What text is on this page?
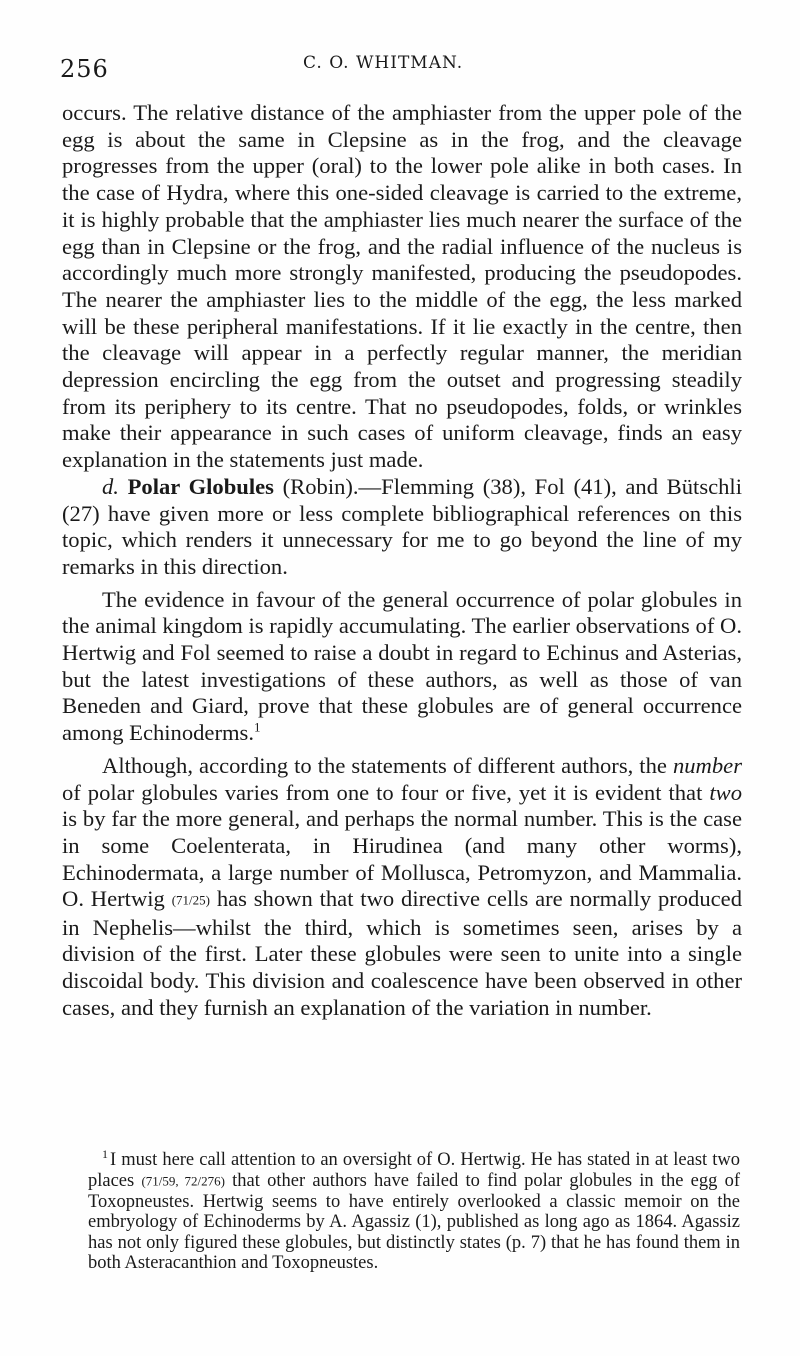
256	C. O. WHITMAN.

occurs. The relative distance of the amphiaster from the upper pole of the egg is about the same in Clepsine as in the frog, and the cleavage progresses from the upper (oral) to the lower pole alike in both cases. In the case of Hydra, where this one-sided cleavage is carried to the extreme, it is highly probable that the amphiaster lies much nearer the surface of the egg than in Clepsine or the frog, and the radial influence of the nucleus is accordingly much more strongly manifested, producing the pseudopodes. The nearer the amphiaster lies to the middle of the egg, the less marked will be these peripheral manifestations. If it lie exactly in the centre, then the cleavage will appear in a perfectly regular manner, the meridian depression encircling the egg from the outset and progressing steadily from its periphery to its centre. That no pseudopodes, folds, or wrinkles make their appearance in such cases of uniform cleavage, finds an easy explanation in the statements just made.

d. Polar Globules (Robin).—Flemming (38), Fol (41), and Bütschli (27) have given more or less complete bibliographical references on this topic, which renders it unnecessary for me to go beyond the line of my remarks in this direction.

The evidence in favour of the general occurrence of polar globules in the animal kingdom is rapidly accumulating. The earlier observations of O. Hertwig and Fol seemed to raise a doubt in regard to Echinus and Asterias, but the latest investigations of these authors, as well as those of van Beneden and Giard, prove that these globules are of general occurrence among Echinoderms.$^1$

Although, according to the statements of different authors, the number of polar globules varies from one to four or five, yet it is evident that two is by far the more general, and perhaps the normal number. This is the case in some Coelenterata, in Hirudinea (and many other worms), Echinodermata, a large number of Mollusca, Petromyzon, and Mammalia. O. Hertwig (71/25) has shown that two directive cells are normally produced in Nephelis—whilst the third, which is sometimes seen, arises by a division of the first. Later these globules were seen to unite into a single discoidal body. This division and coalescence have been observed in other cases, and they furnish an explanation of the variation in number.

$^1$ I must here call attention to an oversight of O. Hertwig. He has stated in at least two places (71/59, 72/276) that other authors have failed to find polar globules in the egg of Toxopneustes. Hertwig seems to have entirely overlooked a classic memoir on the embryology of Echinoderms by A. Agassiz (1), published as long ago as 1864. Agassiz has not only figured these globules, but distinctly states (p. 7) that he has found them in both Asteracanthion and Toxopneustes.
